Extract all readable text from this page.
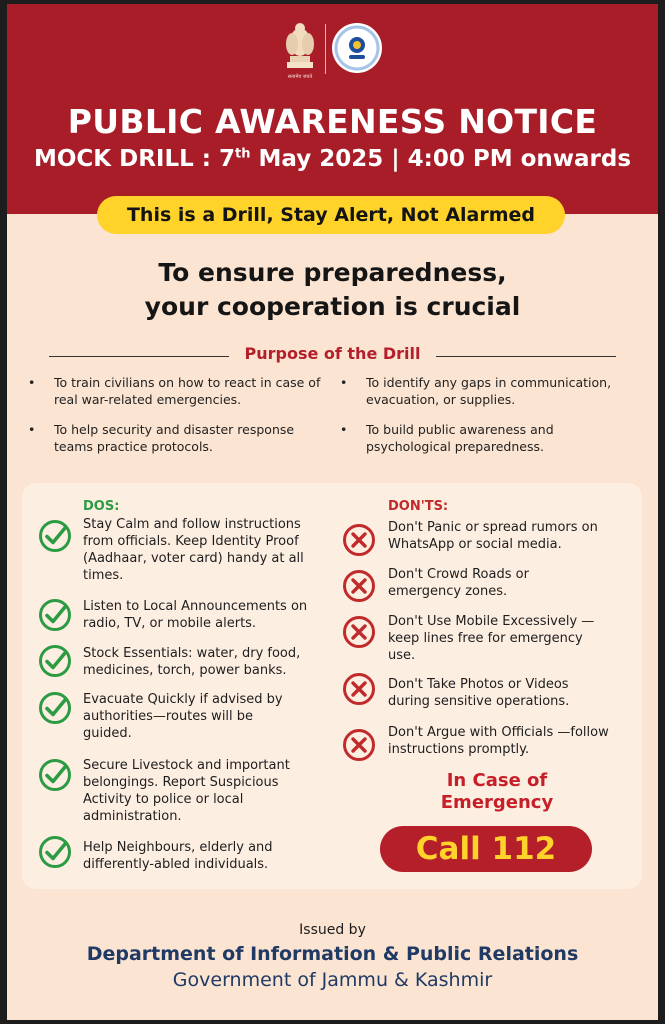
सत्यमेव जयते
PUBLIC AWARENESS NOTICE
MOCK DRILL : 7th May 2025 | 4:00 PM onwards
This is a Drill, Stay Alert, Not Alarmed
To ensure preparedness,
your cooperation is crucial
Purpose of the Drill
• To train civilians on how to react in case of real war-related emergencies.
• To identify any gaps in communication, evacuation, or supplies.
• To help security and disaster response teams practice protocols.
• To build public awareness and psychological preparedness.
DOS:	DON'TS:
Stay Calm and follow instructions from officials. Keep Identity Proof (Aadhaar, voter card) handy at all times.
Listen to Local Announcements on radio, TV, or mobile alerts.
Stock Essentials: water, dry food, medicines, torch, power banks.
Evacuate Quickly if advised by authorities—routes will be guided.
Secure Livestock and important belongings. Report Suspicious Activity to police or local administration.
Help Neighbours, elderly and differently-abled individuals.
Don't Panic or spread rumors on WhatsApp or social media.
Don't Crowd Roads or emergency zones.
Don't Use Mobile Excessively —keep lines free for emergency use.
Don't Take Photos or Videos during sensitive operations.
Don't Argue with Officials —follow instructions promptly.
In Case of
Emergency
Call 112
Issued by
Department of Information & Public Relations
Government of Jammu & Kashmir
